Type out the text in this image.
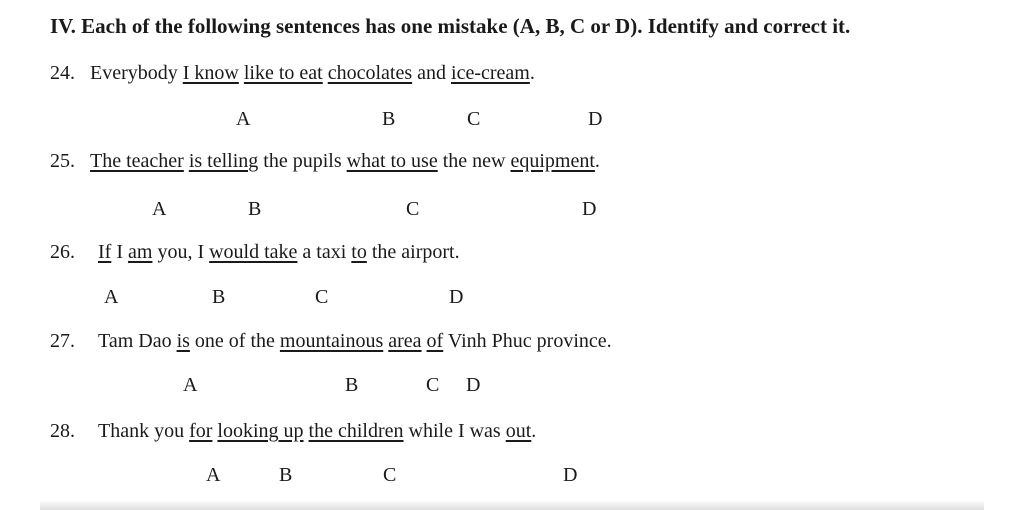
IV. Each of the following sentences has one mistake (A, B, C or D). Identify and correct it.
24. Everybody I know like to eat chocolates and ice-cream.
A	B	C	D
25. The teacher is telling the pupils what to use the new equipment.
A	B	C	D
26. If I am you, I would take a taxi to the airport.
A	B	C	D
27. Tam Dao is one of the mountainous area of Vinh Phuc province.
A	B	C D
28. Thank you for looking up the children while I was out.
A	B	C	D
